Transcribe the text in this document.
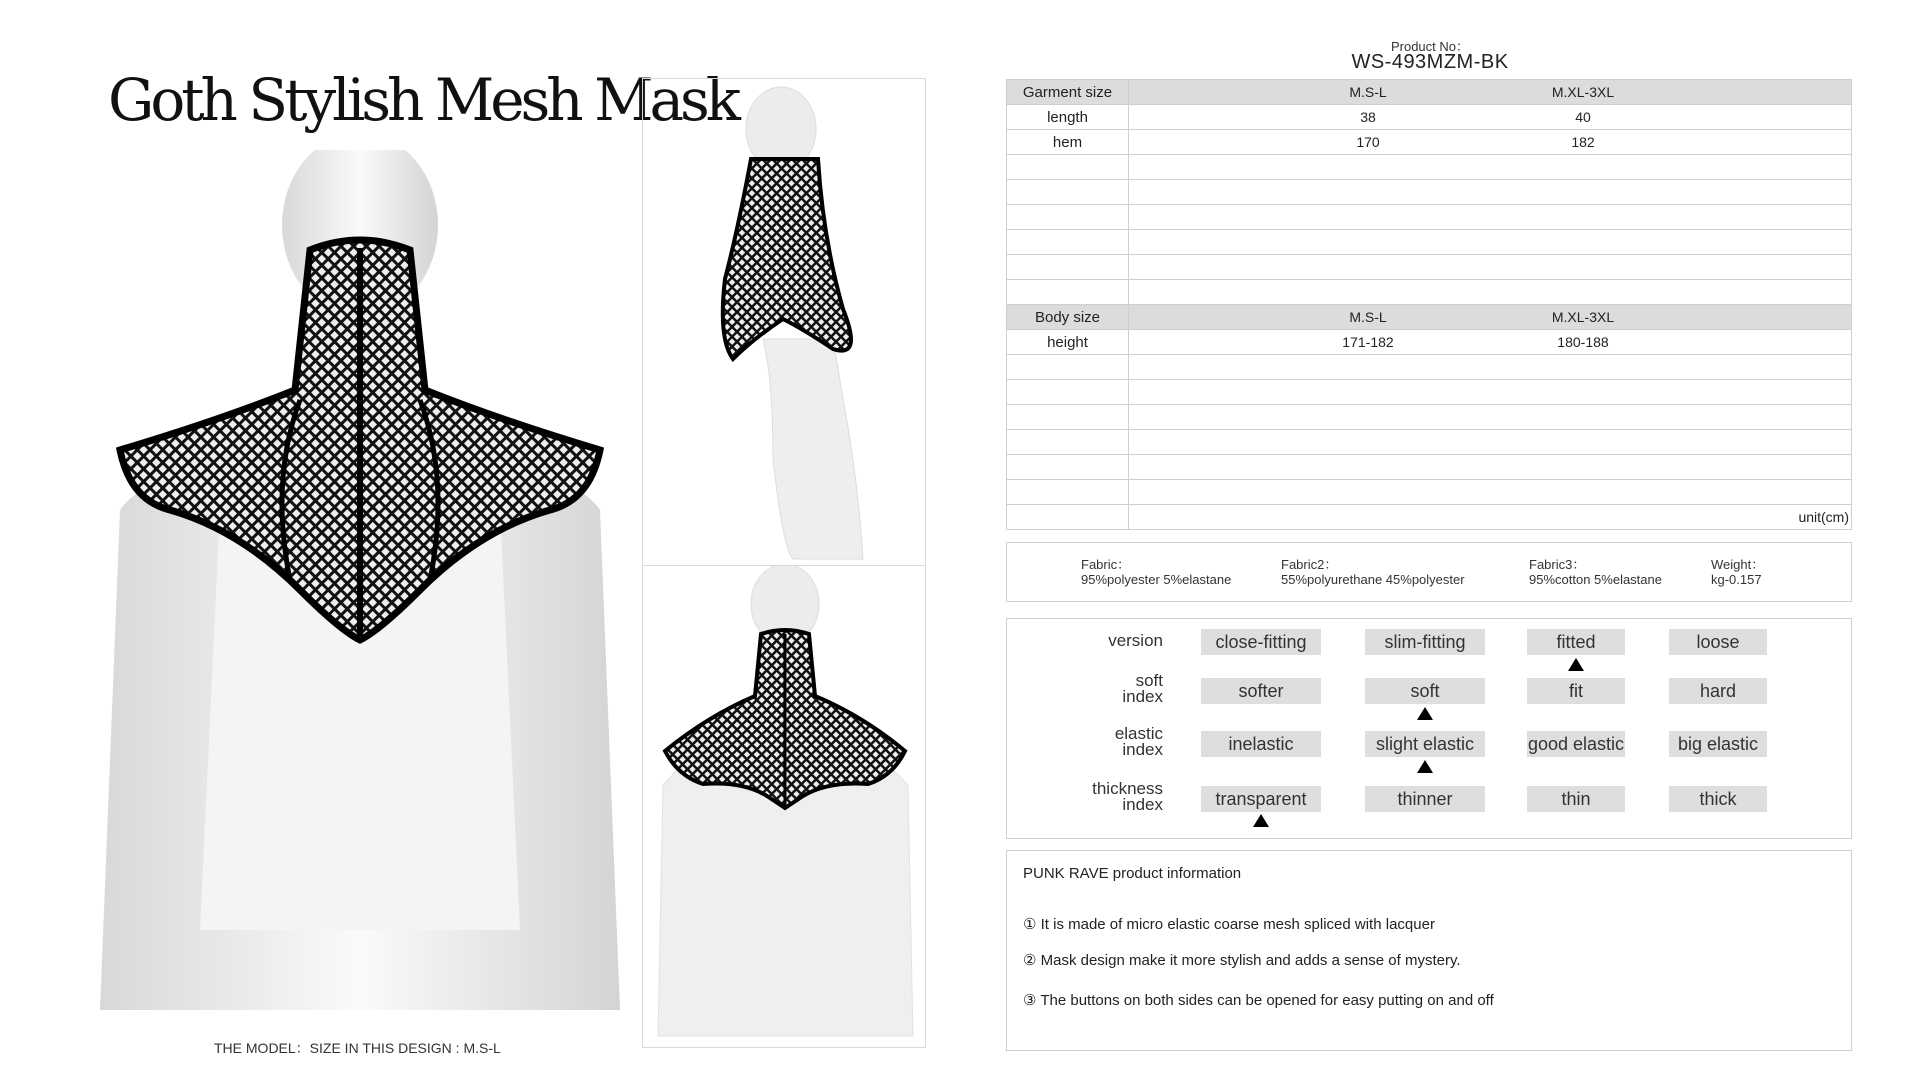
Goth Stylish Mesh Mask
THE MODEL：SIZE IN THIS DESIGN : M.S-L
Product No：
WS-493MZM-BK
Garment size	M.S-L M.XL-3XL

length	38 40

hem	170 182

Body size	M.S-L M.XL-3XL

height	171-182 180-188

	unit(cm)
Fabric：
95%polyester 5%elastane
Fabric2：
55%polyurethane 45%polyester
Fabric3：
95%cotton 5%elastane
Weight：
kg-0.157
version	close-fitting	slim-fitting	fitted	loose
soft
index	softer	soft	fit	hard
elastic
index	inelastic	slight elastic	good elastic	big elastic
thickness
index	transparent	thinner	thin	thick
PUNK RAVE product information
① It is made of micro elastic coarse mesh spliced with lacquer
② Mask design make it more stylish and adds a sense of mystery.
③ The buttons on both sides can be opened for easy putting on and off
